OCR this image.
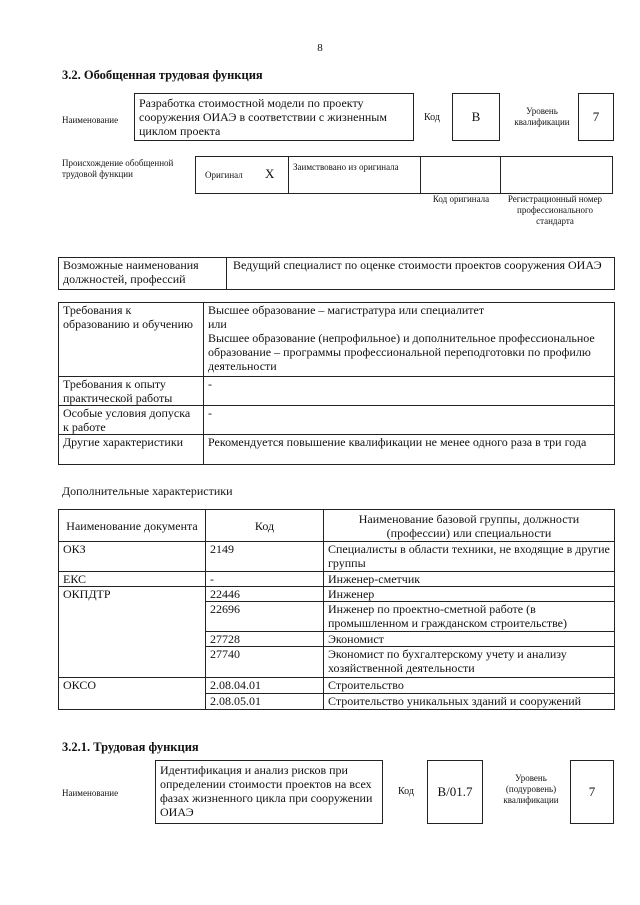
8
3.2. Обобщенная трудовая функция
Наименование
Разработка стоимостной модели по проекту сооружения ОИАЭ в соответствии с жизненным циклом проекта
Код	В	Уровень квалификации	7
Происхождение обобщенной трудовой функции	Оригинал X Заимствовано из оригинала
Код оригинала	Регистрационный номер профессионального стандарта
Возможные наименования должностей, профессий	Ведущий специалист по оценке стоимости проектов сооружения ОИАЭ
Требования к образованию и обучению	Высшее образование – магистратура или специалитет
или
Высшее образование (непрофильное) и дополнительное профессиональное образование – программы профессиональной переподготовки по профилю деятельности

Требования к опыту практической работы	-
Особые условия допуска к работе	-
Другие характеристики	Рекомендуется повышение квалификации не менее одного раза в три года
Дополнительные характеристики
Наименование документа	Код	Наименование базовой группы, должности (профессии) или специальности
ОКЗ	2149	Специалисты в области техники, не входящие в другие группы
ЕКС	-	Инженер-сметчик
ОКПДТР	22446	Инженер
	22696	Инженер по проектно-сметной работе (в промышленном и гражданском строительстве)
	27728	Экономист
	27740	Экономист по бухгалтерскому учету и анализу хозяйственной деятельности
ОКСО	2.08.04.01	Строительство
	2.08.05.01	Строительство уникальных зданий и сооружений
3.2.1. Трудовая функция
Наименование
Идентификация и анализ рисков при определении стоимости проектов на всех фазах жизненного цикла при сооружении ОИАЭ
Код	В/01.7
Уровень (подуровень) квалификации
7
